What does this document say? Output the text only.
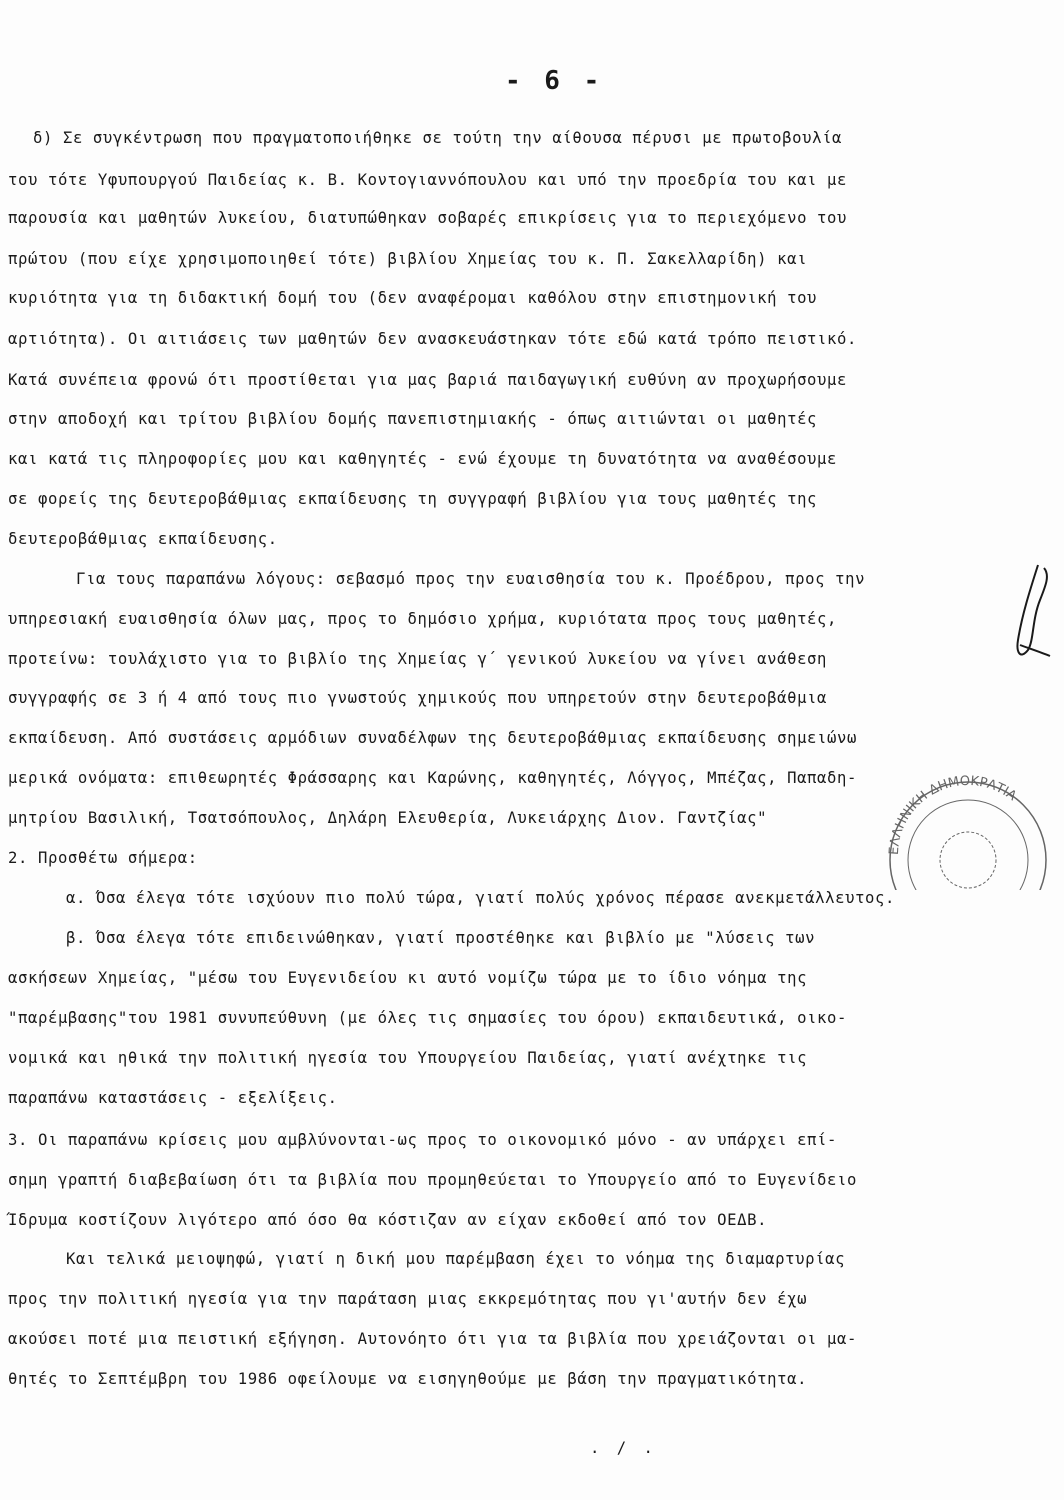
- 6 -
δ) Σε συγκέντρωση που πραγματοποιήθηκε σε τούτη την αίθουσα πέρυσι με πρωτοβουλία
του τότε Υφυπουργού Παιδείας κ. Β. Κοντογιαννόπουλου και υπό την προεδρία του και με
παρουσία και μαθητών λυκείου, διατυπώθηκαν σοβαρές επικρίσεις για το περιεχόμενο του
πρώτου (που είχε χρησιμοποιηθεί τότε) βιβλίου Χημείας του κ. Π. Σακελλαρίδη) και
κυριότητα για τη διδακτική δομή του (δεν αναφέρομαι καθόλου στην επιστημονική του
αρτιότητα). Οι αιτιάσεις των μαθητών δεν ανασκευάστηκαν τότε εδώ κατά τρόπο πειστικό.
Κατά συνέπεια φρονώ ότι προστίθεται για μας βαριά παιδαγωγική ευθύνη αν προχωρήσουμε
στην αποδοχή και τρίτου βιβλίου δομής πανεπιστημιακής - όπως αιτιώνται οι μαθητές
και κατά τις πληροφορίες μου και καθηγητές - ενώ έχουμε τη δυνατότητα να αναθέσουμε
σε φορείς της δευτεροβάθμιας εκπαίδευσης τη συγγραφή βιβλίου για τους μαθητές της
δευτεροβάθμιας εκπαίδευσης.
Για τους παραπάνω λόγους: σεβασμό προς την ευαισθησία του κ. Προέδρου, προς την
υπηρεσιακή ευαισθησία όλων μας, προς το δημόσιο χρήμα, κυριότατα προς τους μαθητές,
προτείνω: τουλάχιστο για το βιβλίο της Χημείας γ΄ γενικού λυκείου να γίνει ανάθεση
συγγραφής σε 3 ή 4 από τους πιο γνωστούς χημικούς που υπηρετούν στην δευτεροβάθμια
εκπαίδευση. Από συστάσεις αρμόδιων συναδέλφων της δευτεροβάθμιας εκπαίδευσης σημειώνω
μερικά ονόματα: επιθεωρητές Φράσσαρης και Καρώνης, καθηγητές, Λόγγος, Μπέζας, Παπαδη-
μητρίου Βασιλική, Τσατσόπουλος, Δηλάρη Ελευθερία, Λυκειάρχης Διον. Γαντζίας"
2. Προσθέτω σήμερα:
α. Όσα έλεγα τότε ισχύουν πιο πολύ τώρα, γιατί πολύς χρόνος πέρασε ανεκμετάλλευτος.
β. Όσα έλεγα τότε επιδεινώθηκαν, γιατί προστέθηκε και βιβλίο με "λύσεις των
ασκήσεων Χημείας, "μέσω του Ευγενιδείου κι αυτό νομίζω τώρα με το ίδιο νόημα της
"παρέμβασης"του 1981 συνυπεύθυνη (με όλες τις σημασίες του όρου) εκπαιδευτικά, οικο-
νομικά και ηθικά την πολιτική ηγεσία του Υπουργείου Παιδείας, γιατί ανέχτηκε τις
παραπάνω καταστάσεις - εξελίξεις.
3. Οι παραπάνω κρίσεις μου αμβλύνονται-ως προς το οικονομικό μόνο - αν υπάρχει επί-
σημη γραπτή διαβεβαίωση ότι τα βιβλία που προμηθεύεται το Υπουργείο από το Ευγενίδειο
Ίδρυμα κοστίζουν λιγότερο από όσο θα κόστιζαν αν είχαν εκδοθεί από τον ΟΕΔΒ.
Και τελικά μειοψηφώ, γιατί η δική μου παρέμβαση έχει το νόημα της διαμαρτυρίας
προς την πολιτική ηγεσία για την παράταση μιας εκκρεμότητας που γι'αυτήν δεν έχω
ακούσει ποτέ μια πειστική εξήγηση. Αυτονόητο ότι για τα βιβλία που χρειάζονται οι μα-
θητές το Σεπτέμβρη του 1986 οφείλουμε να εισηγηθούμε με βάση την πραγματικότητα.
. / .
ΕΛΛΗΝΙΚΗ ΔΗΜΟΚΡΑΤΙΑ
